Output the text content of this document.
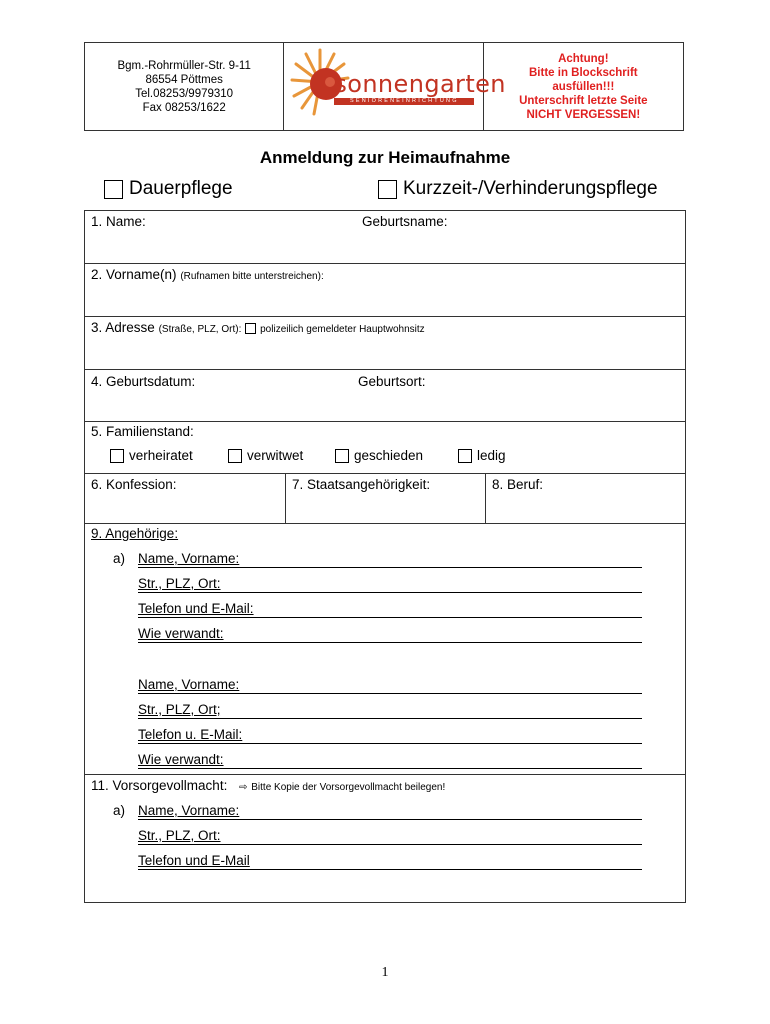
Bgm.-Rohrmüller-Str. 9-11
86554 Pöttmes
Tel.08253/9979310
Fax 08253/1622
sonnengarten
SENIORENEINRICHTUNG
Achtung!
Bitte in Blockschrift
ausfüllen!!!
Unterschrift letzte Seite
NICHT VERGESSEN!
Anmeldung zur Heimaufnahme
Dauerpflege	Kurzzeit-/Verhinderungspflege
1. Name:	Geburtsname:
2. Vorname(n) (Rufnamen bitte unterstreichen):
3. Adresse (Straße, PLZ, Ort): polizeilich gemeldeter Hauptwohnsitz
4. Geburtsdatum:	Geburtsort:
5. Familienstand:
verheiratet	verwitwet	geschieden	ledig
6. Konfession:	7. Staatsangehörigkeit:	8. Beruf:
9. Angehörige:
a) Name, Vorname:
Str., PLZ, Ort:
Telefon und E-Mail:
Wie verwandt:
Name, Vorname:
Str., PLZ, Ort;
Telefon u. E-Mail:
Wie verwandt:
11. Vorsorgevollmacht: ⇨ Bitte Kopie der Vorsorgevollmacht beilegen!
a) Name, Vorname:
Str., PLZ, Ort:
Telefon und E-Mail
1
